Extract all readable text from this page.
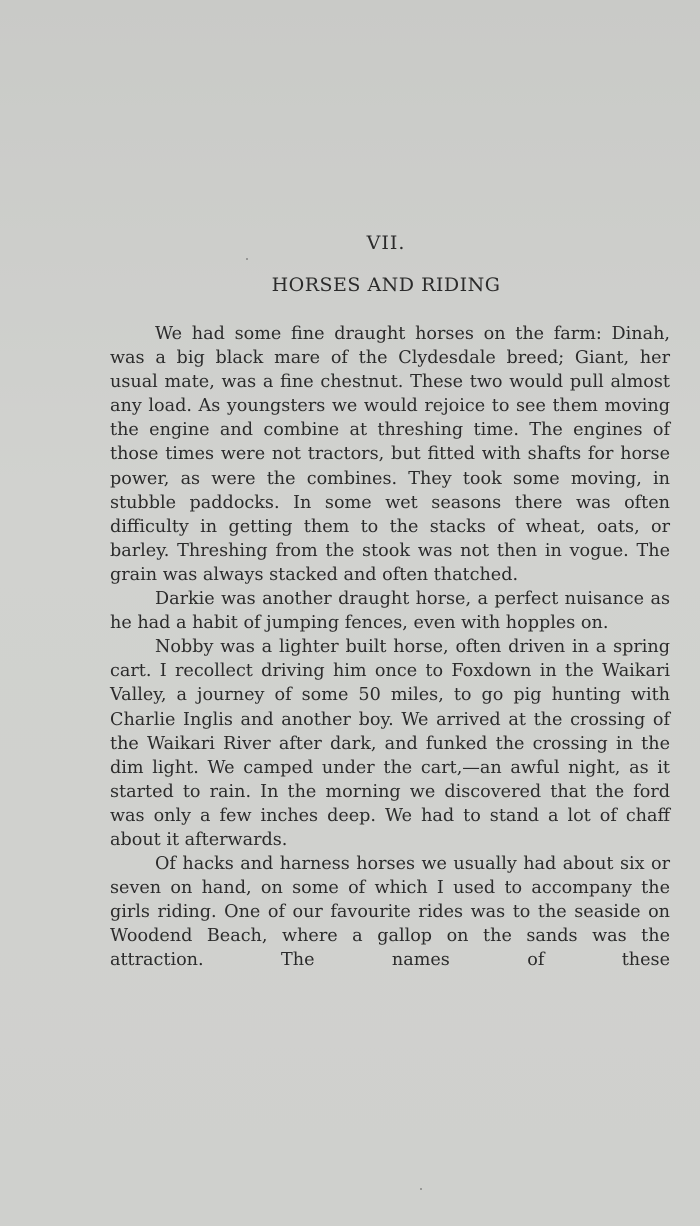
VII.
HORSES AND RIDING

We had some fine draught horses on the farm: Dinah, was a big black mare of the Clydesdale breed; Giant, her usual mate, was a fine chestnut. These two would pull almost any load. As youngsters we would rejoice to see them moving the engine and combine at threshing time. The engines of those times were not tractors, but fitted with shafts for horse power, as were the combines. They took some moving, in stubble paddocks. In some wet seasons there was often difficulty in getting them to the stacks of wheat, oats, or barley. Threshing from the stook was not then in vogue. The grain was always stacked and often thatched.

Darkie was another draught horse, a perfect nuisance as he had a habit of jumping fences, even with hopples on.

Nobby was a lighter built horse, often driven in a spring cart. I recollect driving him once to Foxdown in the Waikari Valley, a journey of some 50 miles, to go pig hunting with Charlie Inglis and another boy. We arrived at the crossing of the Waikari River after dark, and funked the crossing in the dim light. We camped under the cart,—an awful night, as it started to rain. In the morning we discovered that the ford was only a few inches deep. We had to stand a lot of chaff about it afterwards.

Of hacks and harness horses we usually had about six or seven on hand, on some of which I used to accompany the girls riding. One of our favourite rides was to the seaside on Woodend Beach, where a gallop on the sands was the attraction. The names of these
